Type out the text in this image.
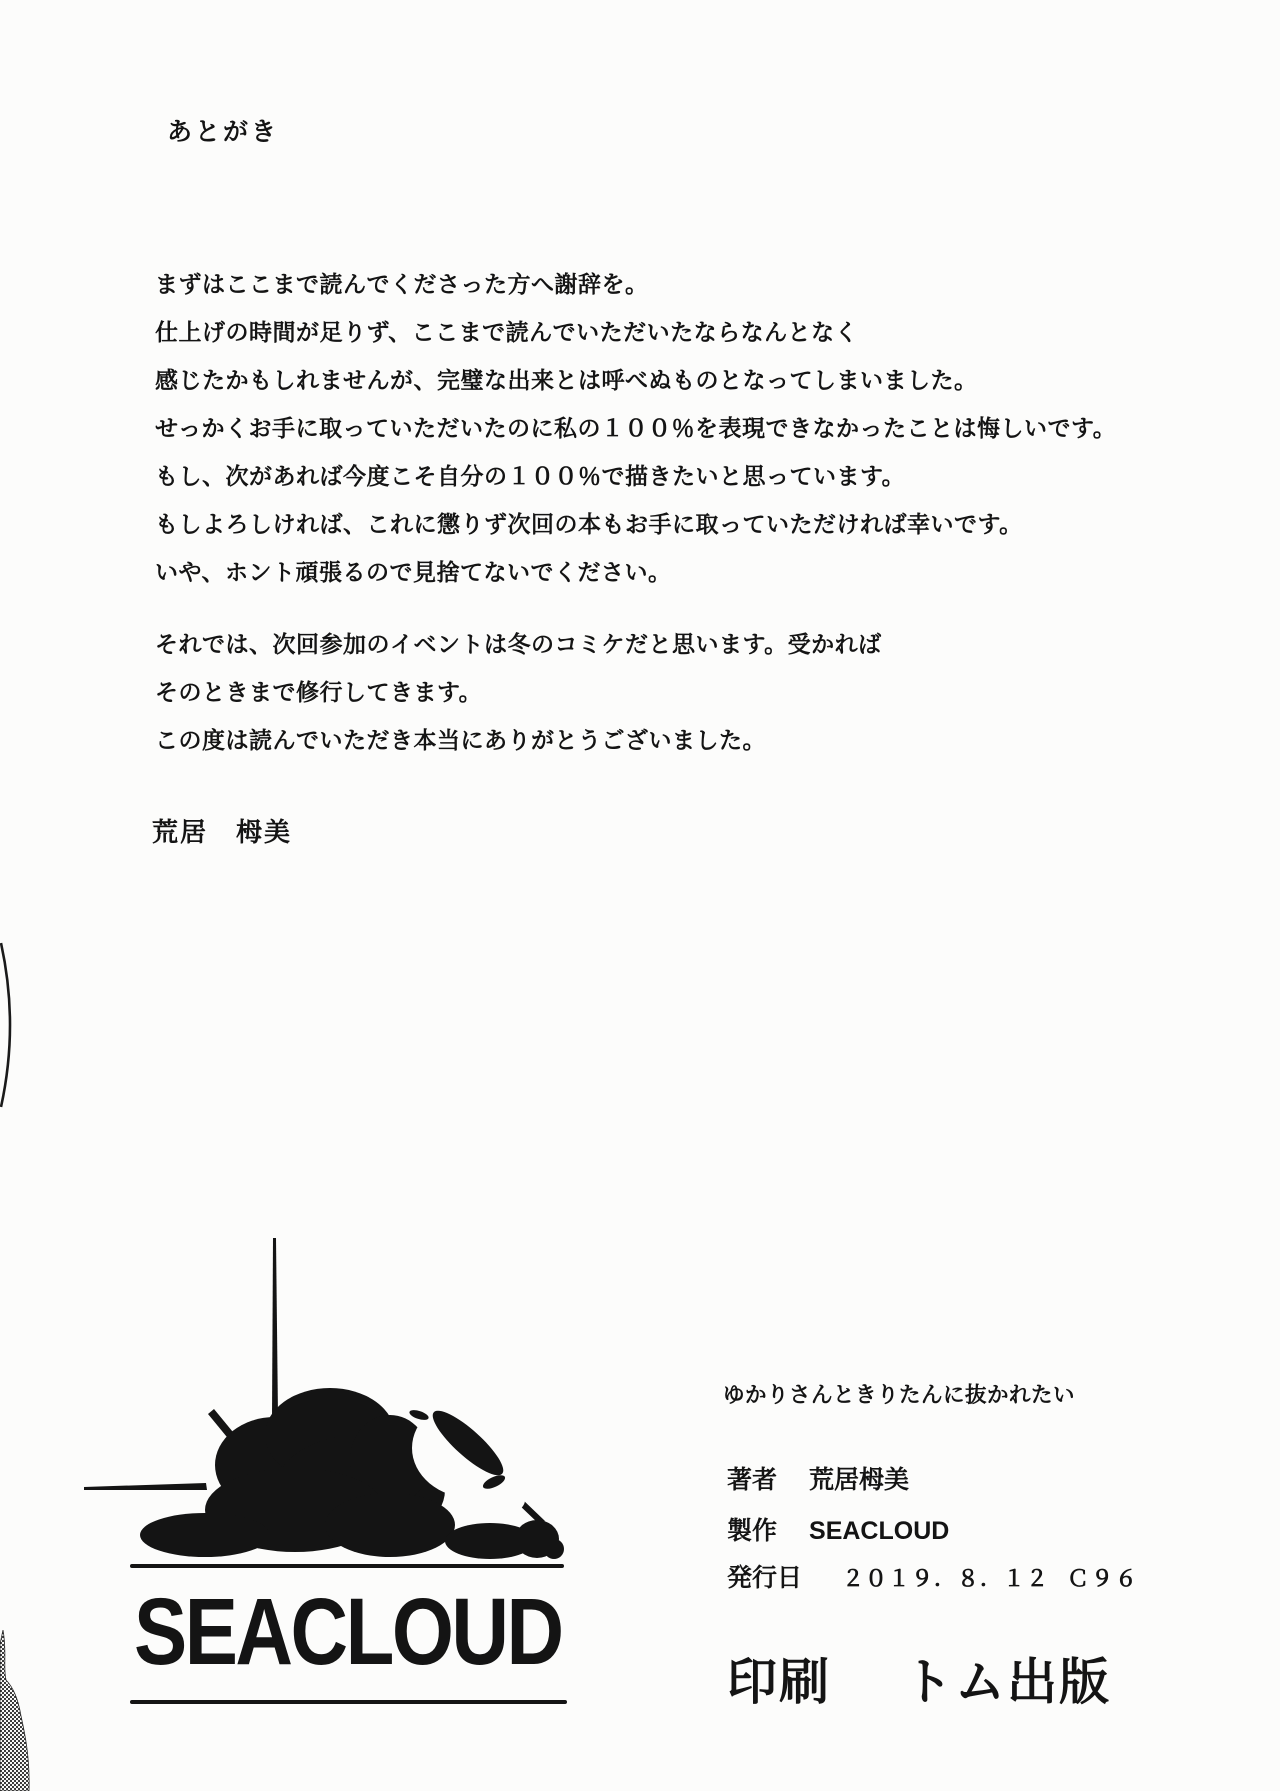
あとがき
まずはここまで読んでくださった方へ謝辞を。
仕上げの時間が足りず、ここまで読んでいただいたならなんとなく
感じたかもしれませんが、完璧な出来とは呼べぬものとなってしまいました。
せっかくお手に取っていただいたのに私の１００％を表現できなかったことは悔しいです。
もし、次があれば今度こそ自分の１００％で描きたいと思っています。
もしよろしければ、これに懲りず次回の本もお手に取っていただければ幸いです。
いや、ホント頑張るので見捨てないでください。
それでは、次回参加のイベントは冬のコミケだと思います。受かれば
そのときまで修行してきます。
この度は読んでいただき本当にありがとうございました。
荒居　栂美
SEACLOUD
ゆかりさんときりたんに抜かれたい
著者 荒居栂美
製作 SEACLOUD
発行日 ２０１９．８．１２ Ｃ９６
印刷 トム出版
